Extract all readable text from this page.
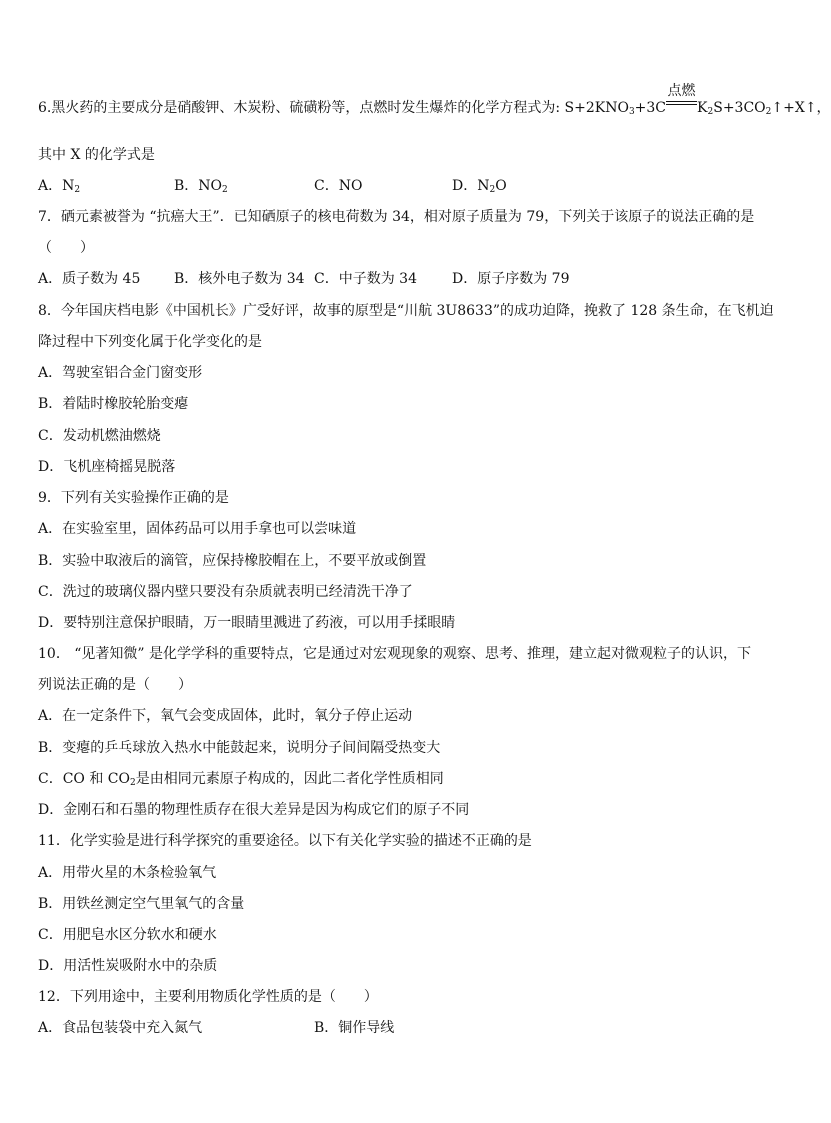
6.黑火药的主要成分是硝酸钾、木炭粉、硫磺粉等，点燃时发生爆炸的化学方程式为: $S+2KNO_3+3C$
点燃
$K_2S+3CO_2↑+X↑$，
其中 X 的化学式是
A．$N_2$	B．$NO_2$	C．NO	D．$N_2O$
7．硒元素被誉为 “抗癌大王”．已知硒原子的核电荷数为 34，相对原子质量为 79，下列关于该原子的说法正确的是
（　　）
A．质子数为 45 B．核外电子数为 34 C．中子数为 34	D．原子序数为 79
8．今年国庆档电影《中国机长》广受好评，故事的原型是“川航 3U8633”的成功迫降，挽救了 128 条生命，在飞机迫
降过程中下列变化属于化学变化的是
A．驾驶室铝合金门窗变形
B．着陆时橡胶轮胎变瘪
C．发动机燃油燃烧
D．飞机座椅摇晃脱落
9．下列有关实验操作正确的是
A．在实验室里，固体药品可以用手拿也可以尝味道
B．实验中取液后的滴管，应保持橡胶帽在上，不要平放或倒置
C．洗过的玻璃仪器内壁只要没有杂质就表明已经清洗干净了
D．要特别注意保护眼睛，万一眼睛里溅进了药液，可以用手揉眼睛
10． “见著知微” 是化学学科的重要特点，它是通过对宏观现象的观察、思考、推理，建立起对微观粒子的认识，下
列说法正确的是（　　）
A．在一定条件下，氧气会变成固体，此时，氧分子停止运动
B．变瘪的乒乓球放入热水中能鼓起来，说明分子间间隔受热变大
C．CO 和 $CO_2$是由相同元素原子构成的，因此二者化学性质相同
D．金刚石和石墨的物理性质存在很大差异是因为构成它们的原子不同
11．化学实验是进行科学探究的重要途径。以下有关化学实验的描述不正确的是
A．用带火星的木条检验氧气
B．用铁丝测定空气里氧气的含量
C．用肥皂水区分软水和硬水
D．用活性炭吸附水中的杂质
12．下列用途中，主要利用物质化学性质的是（　　）
A．食品包装袋中充入氮气	B．铜作导线
